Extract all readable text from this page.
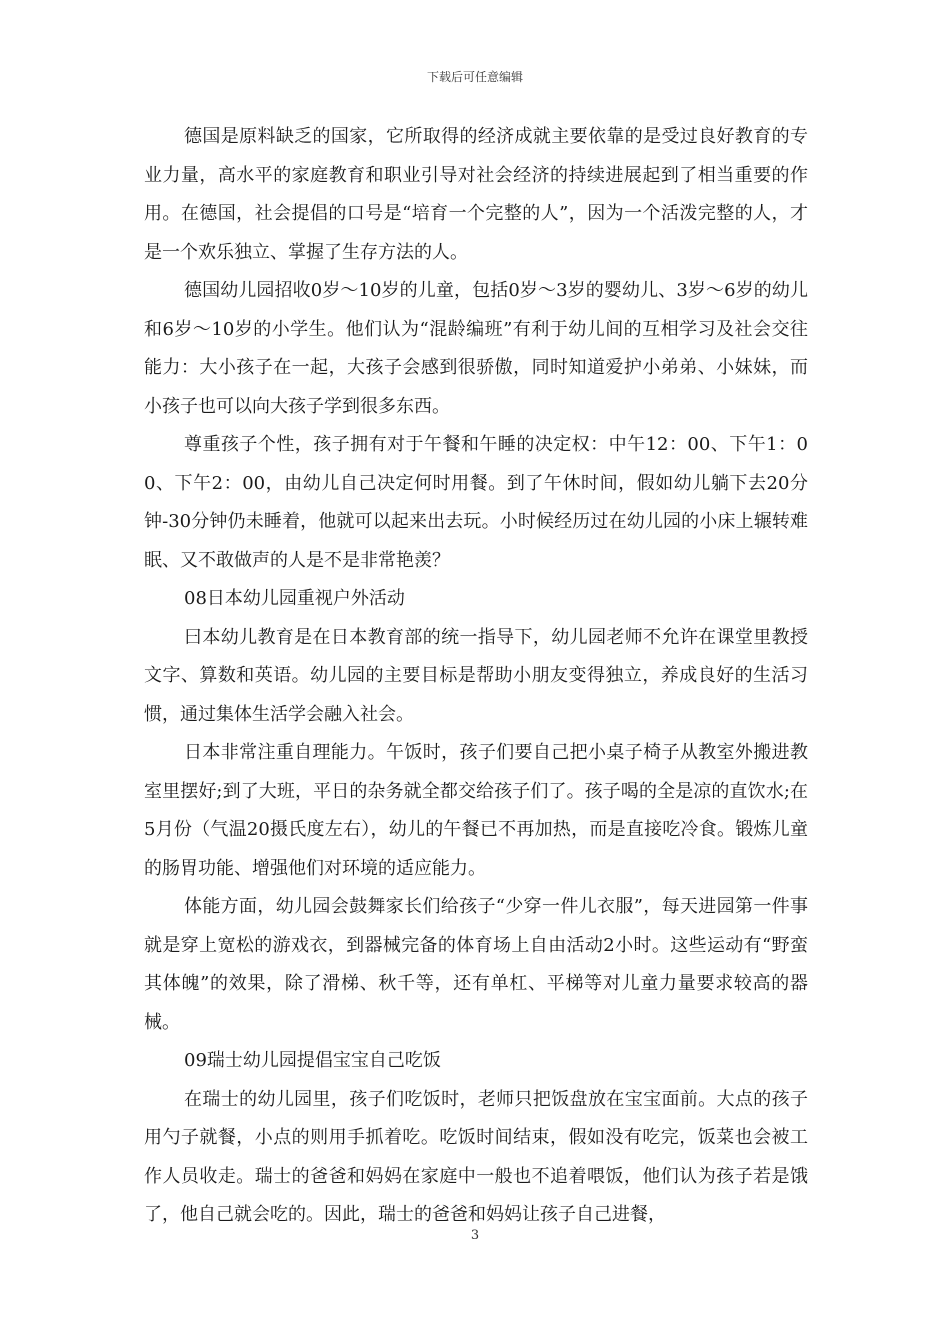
下载后可任意编辑

德国是原料缺乏的国家，它所取得的经济成就主要依靠的是受过良好教育的专业力量，高水平的家庭教育和职业引导对社会经济的持续进展起到了相当重要的作用。在德国，社会提倡的口号是“培育一个完整的人”，因为一个活泼完整的人，才是一个欢乐独立、掌握了生存方法的人。

德国幼儿园招收0岁～10岁的儿童，包括0岁～3岁的婴幼儿、3岁～6岁的幼儿和6岁～10岁的小学生。他们认为“混龄编班”有利于幼儿间的互相学习及社会交往能力：大小孩子在一起，大孩子会感到很骄傲，同时知道爱护小弟弟、小妹妹，而小孩子也可以向大孩子学到很多东西。

尊重孩子个性，孩子拥有对于午餐和午睡的决定权：中午12：00、下午1：00、下午2：00，由幼儿自己决定何时用餐。到了午休时间，假如幼儿躺下去20分钟-30分钟仍未睡着，他就可以起来出去玩。小时候经历过在幼儿园的小床上辗转难眠、又不敢做声的人是不是非常艳羡？

08日本幼儿园重视户外活动

曰本幼儿教育是在日本教育部的统一指导下，幼儿园老师不允许在课堂里教授文字、算数和英语。幼儿园的主要目标是帮助小朋友变得独立，养成良好的生活习惯，通过集体生活学会融入社会。

日本非常注重自理能力。午饭时，孩子们要自己把小桌子椅子从教室外搬进教室里摆好;到了大班，平日的杂务就全都交给孩子们了。孩子喝的全是凉的直饮水;在5月份（气温20摄氏度左右），幼儿的午餐已不再加热，而是直接吃冷食。锻炼儿童的肠胃功能、增强他们对环境的适应能力。

体能方面，幼儿园会鼓舞家长们给孩子“少穿一件儿衣服”，每天进园第一件事就是穿上宽松的游戏衣，到器械完备的体育场上自由活动2小时。这些运动有“野蛮其体魄”的效果，除了滑梯、秋千等，还有单杠、平梯等对儿童力量要求较高的器械。

09瑞士幼儿园提倡宝宝自己吃饭

在瑞士的幼儿园里，孩子们吃饭时，老师只把饭盘放在宝宝面前。大点的孩子用勺子就餐，小点的则用手抓着吃。吃饭时间结束，假如没有吃完，饭菜也会被工作人员收走。瑞士的爸爸和妈妈在家庭中一般也不追着喂饭，他们认为孩子若是饿了，他自己就会吃的。因此，瑞士的爸爸和妈妈让孩子自己进餐，

3
